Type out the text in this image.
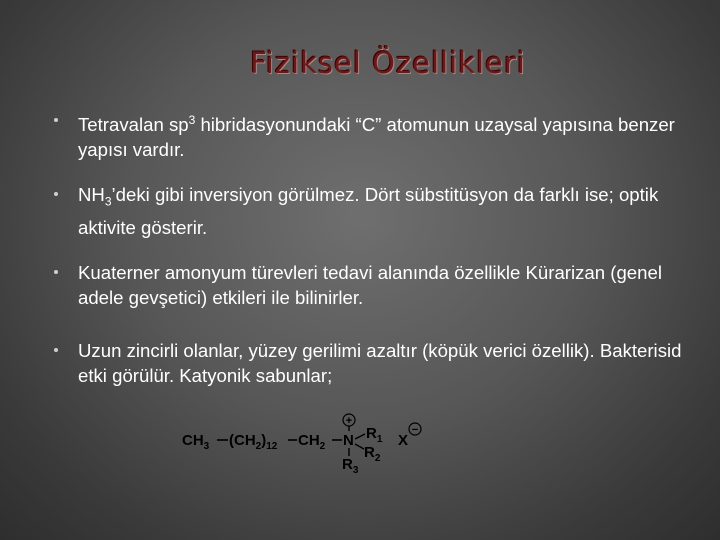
Fiziksel Özellikleri
Tetravalan $sp^3$ hibridasyonundaki “C” atomunun uzaysal yapısına benzer yapısı vardır.
$NH_3’deki$ gibi inversiyon görülmez. Dört sübstitüsyon da farklı ise; optik aktivite gösterir.
Kuaterner amonyum türevleri tedavi alanında özellikle Kürarizan (genel adele gevşetici) etkileri ile bilinirler.
Uzun zincirli olanlar, yüzey gerilimi azaltır (köpük verici özellik). Bakterisid etki görülür. Katyonik sabunlar;
$CH_3$ $(CH_2)_{12}$ $CH_2$ N
+
$R_1$
$R_2$
$R_3$
X
−
